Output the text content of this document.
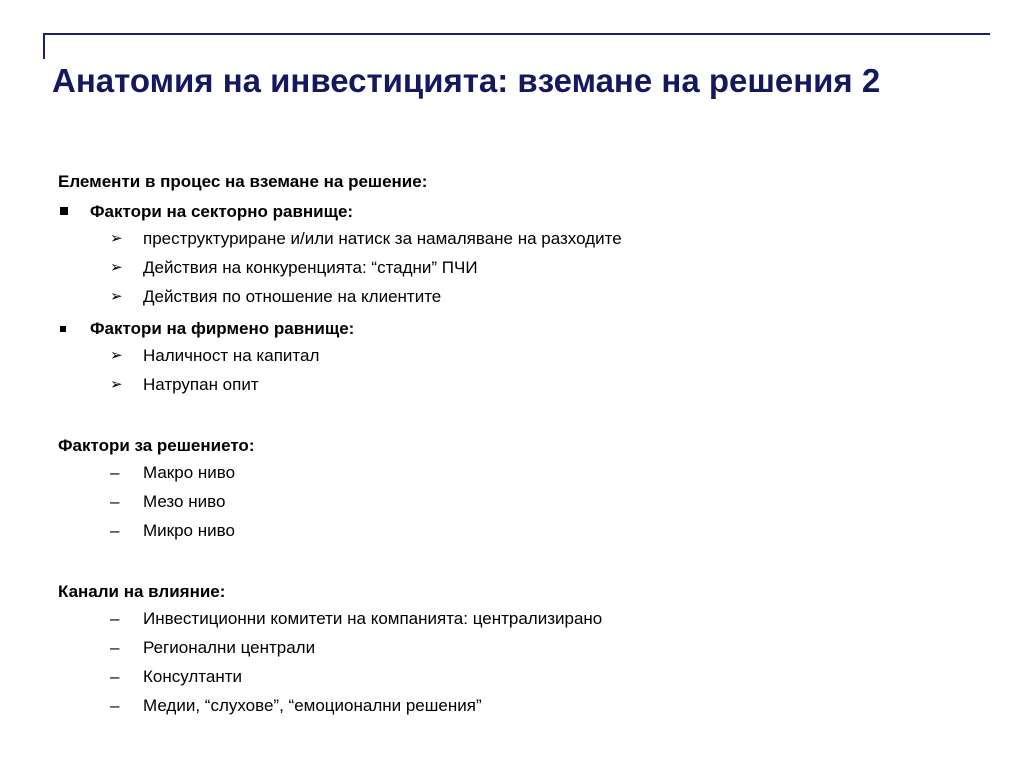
Анатомия на инвестицията: вземане на решения 2
Елементи в процес на вземане на решение:
Фактори на секторно равнище:
➢ преструктуриране и/или натиск за намаляване на разходите
➢ Действия на конкуренцията: “стадни” ПЧИ
➢ Действия по отношение на клиентите
Фактори на фирмено равнище:
➢ Наличност на капитал
➢ Натрупан опит
Фактори за решението:
– Макро ниво
– Мезо ниво
– Микро ниво
Канали на влияние:
– Инвестиционни комитети на компанията: централизирано
– Регионални централи
– Консултанти
– Медии, “слухове”, “емоционални решения”
